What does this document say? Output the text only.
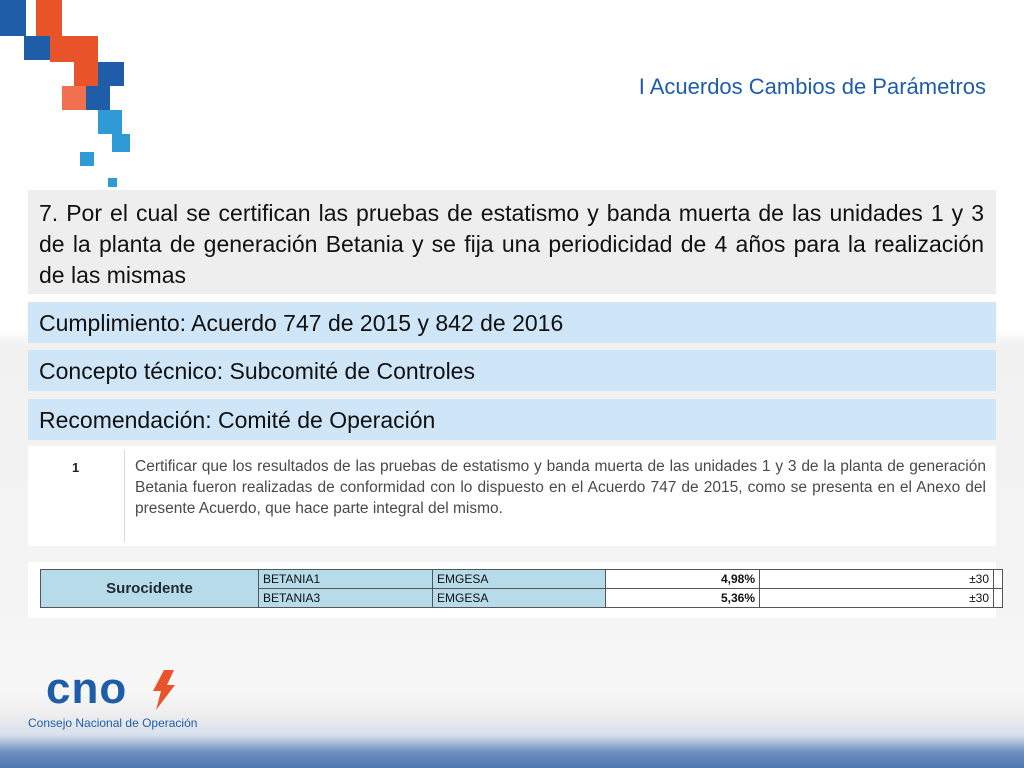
I Acuerdos Cambios de Parámetros
7. Por el cual se certifican las pruebas de estatismo y banda muerta de las unidades 1 y 3 de la planta de generación Betania y se fija una periodicidad de 4 años para la realización de las mismas
Cumplimiento: Acuerdo 747 de 2015 y 842 de 2016
Concepto técnico: Subcomité de Controles
Recomendación: Comité de Operación
1	Certificar que los resultados de las pruebas de estatismo y banda muerta de las unidades 1 y 3 de la planta de generación Betania fueron realizadas de conformidad con lo dispuesto en el Acuerdo 747 de 2015, como se presenta en el Anexo del presente Acuerdo, que hace parte integral del mismo.
Surocidente	BETANIA1	EMGESA	4,98%	±30	
	BETANIA3	EMGESA	5,36%	±30	
cno
Consejo Nacional de Operación
